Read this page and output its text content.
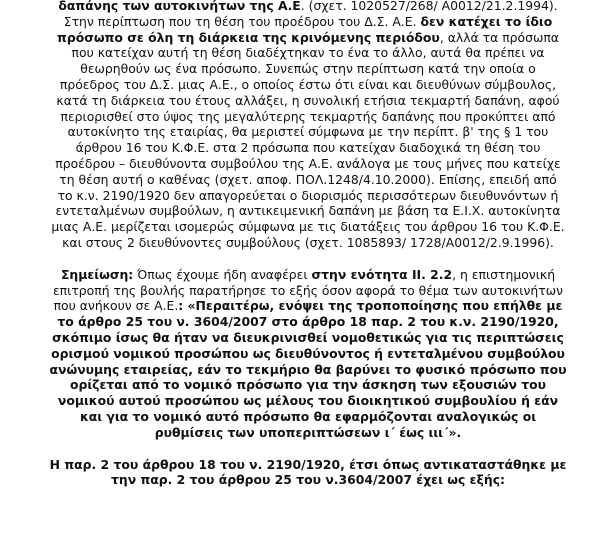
δαπάνης των αυτοκινήτων της Α.Ε. (σχετ. 1020527/268/ Α0012/21.2.1994).
Στην περίπτωση που τη θέση του προέδρου του Δ.Σ. Α.Ε. δεν κατέχει το ίδιο
πρόσωπο σε όλη τη διάρκεια της κρινόμενης περιόδου, αλλά τα πρόσωπα
που κατείχαν αυτή τη θέση διαδέχτηκαν το ένα το άλλο, αυτά θα πρέπει να
θεωρηθούν ως ένα πρόσωπο. Συνεπώς στην περίπτωση κατά την οποία ο
πρόεδρος του Δ.Σ. μιας Α.Ε., ο οποίος έστω ότι είναι και διευθύνων σύμβουλος,
κατά τη διάρκεια του έτους αλλάξει, η συνολική ετήσια τεκμαρτή δαπάνη, αφού
περιορισθεί στο ύψος της μεγαλύτερης τεκμαρτής δαπάνης που προκύπτει από
αυτοκίνητο της εταιρίας, θα μεριστεί σύμφωνα με την περίπτ. β' της § 1 του
άρθρου 16 του Κ.Φ.Ε. στα 2 πρόσωπα που κατείχαν διαδοχικά τη θέση του
προέδρου – διευθύνοντα συμβούλου της Α.Ε. ανάλογα με τους μήνες που κατείχε
τη θέση αυτή ο καθένας (σχετ. αποφ. ΠΟΛ.1248/4.10.2000). Επίσης, επειδή από
το κ.ν. 2190/1920 δεν απαγορεύεται ο διορισμός περισσότερων διευθυνόντων ή
εντεταλμένων συμβούλων, η αντικειμενική δαπάνη με βάση τα Ε.Ι.Χ. αυτοκίνητα
μιας Α.Ε. μερίζεται ισομερώς σύμφωνα με τις διατάξεις του άρθρου 16 του Κ.Φ.Ε.
και στους 2 διευθύνοντες συμβούλους (σχετ. 1085893/ 1728/Α0012/2.9.1996).

Σημείωση: Όπως έχουμε ήδη αναφέρει στην ενότητα ΙΙ. 2.2, η επιστημονική
επιτροπή της βουλής παρατήρησε το εξής όσον αφορά το θέμα των αυτοκινήτων
που ανήκουν σε Α.Ε.: «Περαιτέρω, ενόψει της τροποποίησης που επήλθε με
το άρθρο 25 του ν. 3604/2007 στο άρθρο 18 παρ. 2 του κ.ν. 2190/1920,
σκόπιμο ίσως θα ήταν να διευκρινισθεί νομοθετικώς για τις περιπτώσεις
ορισμού νομικού προσώπου ως διευθύνοντος ή εντεταλμένου συμβούλου
ανώνυμης εταιρείας, εάν το τεκμήριο θα βαρύνει το φυσικό πρόσωπο που
ορίζεται από το νομικό πρόσωπο για την άσκηση των εξουσιών του
νομικού αυτού προσώπου ως μέλους του διοικητικού συμβουλίου ή εάν
και για το νομικό αυτό πρόσωπο θα εφαρμόζονται αναλογικώς οι
ρυθμίσεις των υποπεριπτώσεων ι΄ έως ιιι΄».

Η παρ. 2 του άρθρου 18 του ν. 2190/1920, έτσι όπως αντικαταστάθηκε με
την παρ. 2 του άρθρου 25 του ν.3604/2007 έχει ως εξής:
